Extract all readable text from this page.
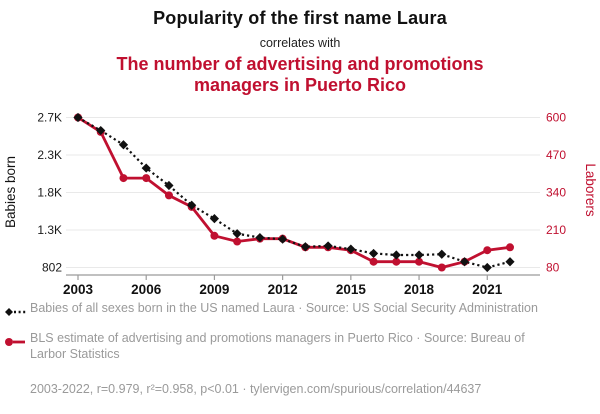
Popularity of the first name Laura
correlates with
The number of advertising and promotions managers in Puerto Rico
2.7K
2.3K
1.8K
1.3K
802
600
470
340
210
80
2003	2006	2009	2012	2015	2018	2021
Babies born	Laborers
Babies of all sexes born in the US named Laura · Source: US Social Security Administration
BLS estimate of advertising and promotions managers in Puerto Rico · Source: Bureau of Larbor Statistics
2003-2022, r=0.979, r²=0.958, p<0.01 · tylervigen.com/spurious/correlation/44637
